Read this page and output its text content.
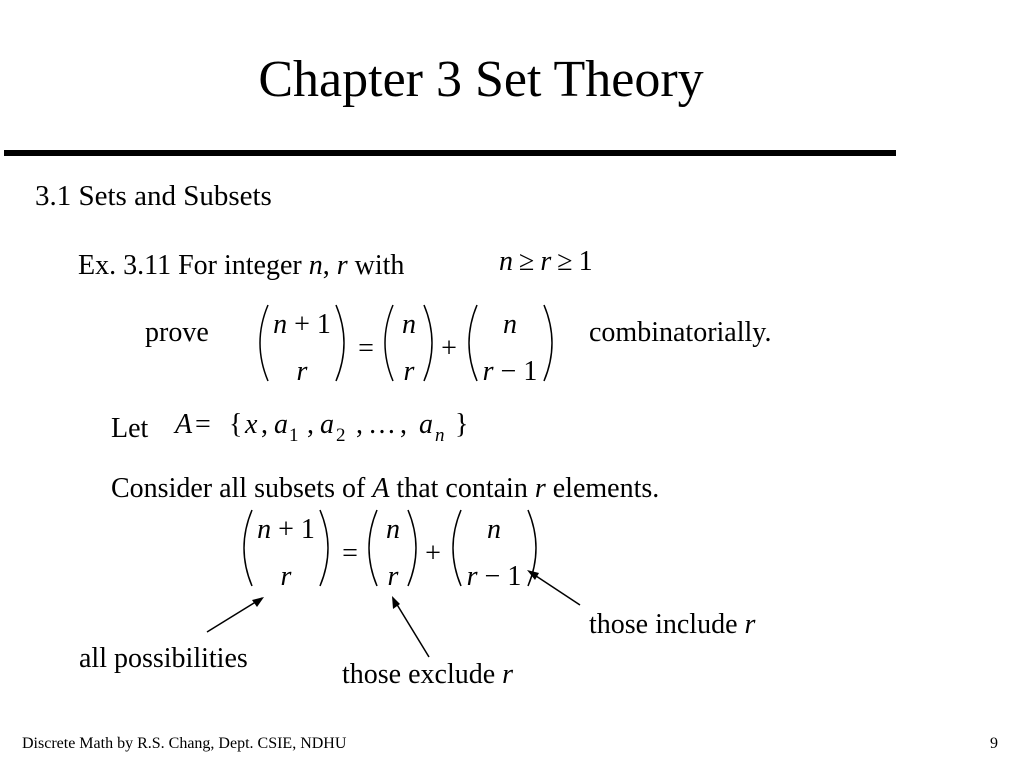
Chapter 3 Set Theory
3.1 Sets and Subsets
Ex. 3.11 For integer n, r with	n ≥ r ≥ 1
prove	combinatorially.
n + 1
r
=
n
r
+
n
r − 1
A = { x , a 1 , a 2 , … , a n }
n + 1
r
=
n
r
+
n
r − 1
Let
Consider all subsets of A that contain r elements.
those include r
all possibilities
those exclude r
Discrete Math by R.S. Chang, Dept. CSIE, NDHU	9
